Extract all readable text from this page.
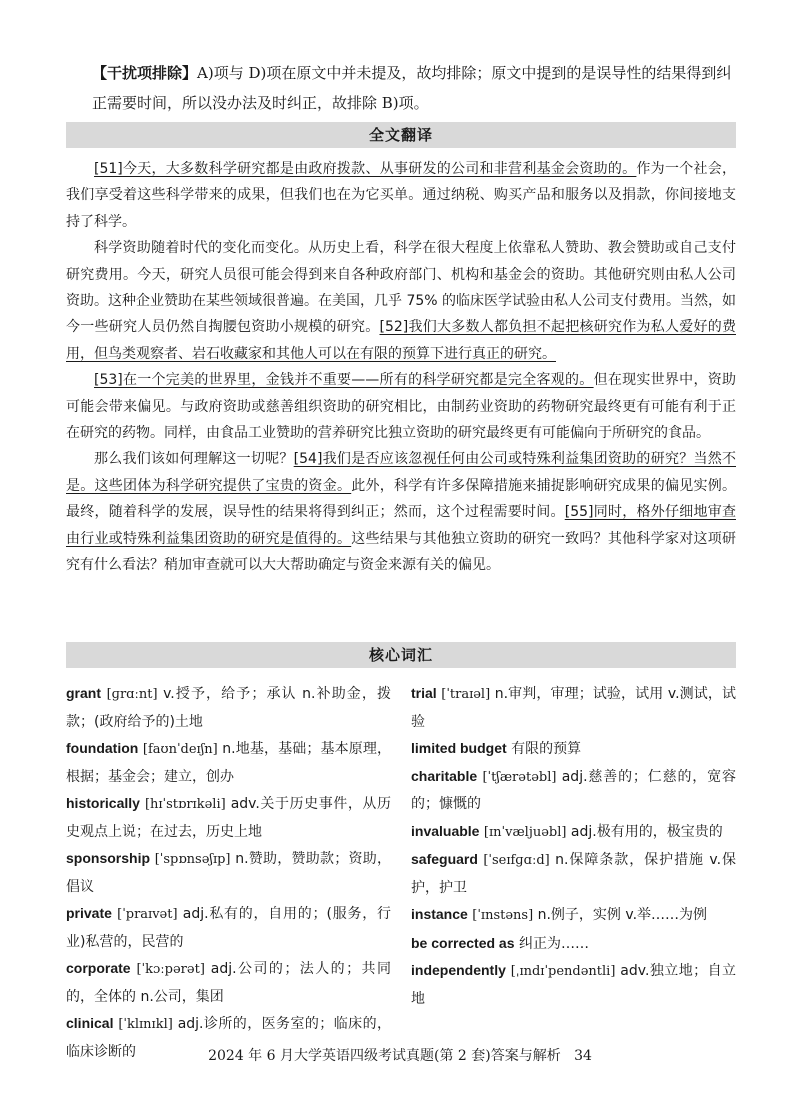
【干扰项排除】A)项与 D)项在原文中并未提及，故均排除；原文中提到的是误导性的结果得到纠正需要时间，所以没办法及时纠正，故排除 B)项。
全文翻译

[51]今天，大多数科学研究都是由政府拨款、从事研发的公司和非营利基金会资助的。作为一个社会，我们享受着这些科学带来的成果，但我们也在为它买单。通过纳税、购买产品和服务以及捐款，你间接地支持了科学。

科学资助随着时代的变化而变化。从历史上看，科学在很大程度上依靠私人赞助、教会赞助或自己支付研究费用。今天，研究人员很可能会得到来自各种政府部门、机构和基金会的资助。其他研究则由私人公司资助。这种企业赞助在某些领域很普遍。在美国，几乎 75% 的临床医学试验由私人公司支付费用。当然，如今一些研究人员仍然自掏腰包资助小规模的研究。[52]我们大多数人都负担不起把核研究作为私人爱好的费用，但鸟类观察者、岩石收藏家和其他人可以在有限的预算下进行真正的研究。

[53]在一个完美的世界里，金钱并不重要——所有的科学研究都是完全客观的。但在现实世界中，资助可能会带来偏见。与政府资助或慈善组织资助的研究相比，由制药业资助的药物研究最终更有可能有利于正在研究的药物。同样，由食品工业赞助的营养研究比独立资助的研究最终更有可能偏向于所研究的食品。

那么我们该如何理解这一切呢？[54]我们是否应该忽视任何由公司或特殊利益集团资助的研究？当然不是。这些团体为科学研究提供了宝贵的资金。此外，科学有许多保障措施来捕捉影响研究成果的偏见实例。最终，随着科学的发展，误导性的结果将得到纠正；然而，这个过程需要时间。[55]同时，格外仔细地审查由行业或特殊利益集团资助的研究是值得的。这些结果与其他独立资助的研究一致吗？其他科学家对这项研究有什么看法？稍加审查就可以大大帮助确定与资金来源有关的偏见。

核心词汇
grant [ɡrɑːnt] v.授予，给予；承认 n.补助金，拨款；(政府给予的)土地
foundation [faʊnˈdeɪʃn] n.地基，基础；基本原理，根据；基金会；建立，创办
historically [hɪˈstɒrɪkəli] adv.关于历史事件，从历史观点上说；在过去，历史上地
sponsorship [ˈspɒnsəʃɪp] n.赞助，赞助款；资助，倡议
private [ˈpraɪvət] adj.私有的，自用的；(服务，行业)私营的，民营的
corporate [ˈkɔːpərət] adj.公司的；法人的；共同的，全体的 n.公司，集团
clinical [ˈklɪnɪkl] adj.诊所的，医务室的；临床的，临床诊断的
trial [ˈtraɪəl] n.审判，审理；试验，试用 v.测试，试验
limited budget 有限的预算
charitable [ˈtʃærətəbl] adj.慈善的；仁慈的，宽容的；慷慨的
invaluable [ɪnˈvæljuəbl] adj.极有用的，极宝贵的
safeguard [ˈseɪfɡɑːd] n.保障条款，保护措施 v.保护，护卫
instance [ˈɪnstəns] n.例子，实例 v.举……为例
be corrected as 纠正为……
independently [ˌɪndɪˈpendəntli] adv.独立地；自立地
2024 年 6 月大学英语四级考试真题(第 2 套)答案与解析 34
